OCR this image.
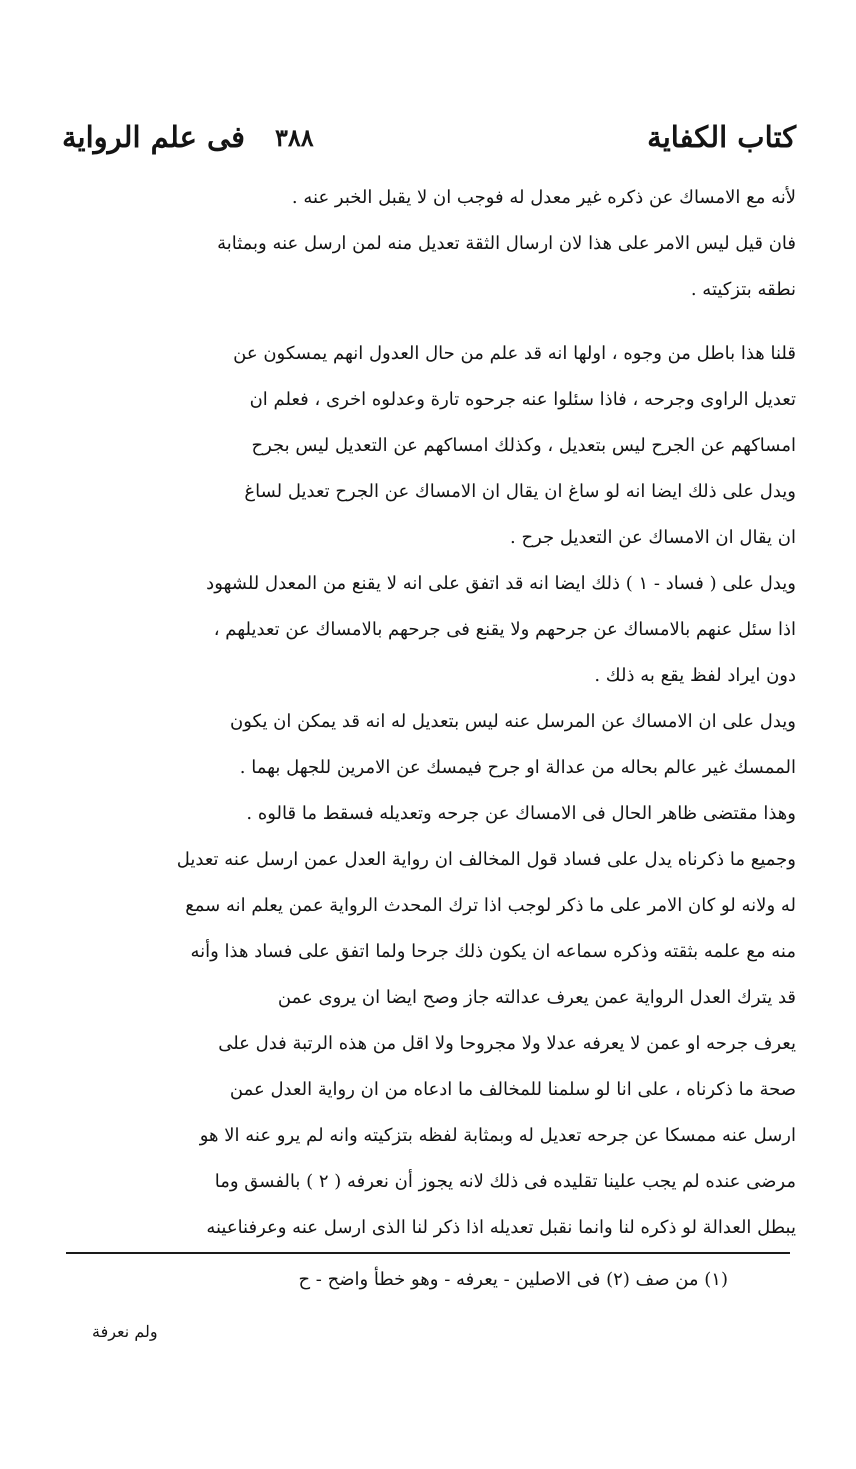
فى علم الرواية ٣٨٨	كتاب الكفاية
لأنه مع الامساك عن ذكره غير معدل له فوجب ان لا يقبل الخبر عنه .
فان قيل ليس الامر على هذا لان ارسال الثقة تعديل منه لمن ارسل عنه وبمثابة
نطقه بتزكيته .
قلنا هذا باطل من وجوه ، اولها انه قد علم من حال العدول انهم يمسكون عن
تعديل الراوى وجرحه ، فاذا سئلوا عنه جرحوه تارة وعدلوه اخرى ، فعلم ان
امساكهم عن الجرح ليس بتعديل ، وكذلك امساكهم عن التعديل ليس بجرح
ويدل على ذلك ايضا انه لو ساغ ان يقال ان الامساك عن الجرح تعديل لساغ
ان يقال ان الامساك عن التعديل جرح .
ويدل على ( فساد - ١ ) ذلك ايضا انه قد اتفق على انه لا يقنع من المعدل للشهود
اذا سئل عنهم بالامساك عن جرحهم ولا يقنع فى جرحهم بالامساك عن تعديلهم ،
دون ايراد لفظ يقع به ذلك .
ويدل على ان الامساك عن المرسل عنه ليس بتعديل له انه قد يمكن ان يكون
الممسك غير عالم بحاله من عدالة او جرح فيمسك عن الامرين للجهل بهما .
وهذا مقتضى ظاهر الحال فى الامساك عن جرحه وتعديله فسقط ما قالوه .
وجميع ما ذكرناه يدل على فساد قول المخالف ان رواية العدل عمن ارسل عنه تعديل
له ولانه لو كان الامر على ما ذكر لوجب اذا ترك المحدث الرواية عمن يعلم انه سمع
منه مع علمه بثقته وذكره سماعه ان يكون ذلك جرحا ولما اتفق على فساد هذا وأنه
قد يترك العدل الرواية عمن يعرف عدالته جاز وصح ايضا ان يروى عمن
يعرف جرحه او عمن لا يعرفه عدلا ولا مجروحا ولا اقل من هذه الرتبة فدل على
صحة ما ذكرناه ، على انا لو سلمنا للمخالف ما ادعاه من ان رواية العدل عمن
ارسل عنه ممسكا عن جرحه تعديل له وبمثابة لفظه بتزكيته وانه لم يرو عنه الا هو
مرضى عنده لم يجب علينا تقليده فى ذلك لانه يجوز أن نعرفه ( ٢ ) بالفسق وما
يبطل العدالة لو ذكره لنا وانما نقبل تعديله اذا ذكر لنا الذى ارسل عنه وعرفناعينه
(١) من صف (٢) فى الاصلين - يعرفه - وهو خطأ واضح - ح
ولم نعرفة
